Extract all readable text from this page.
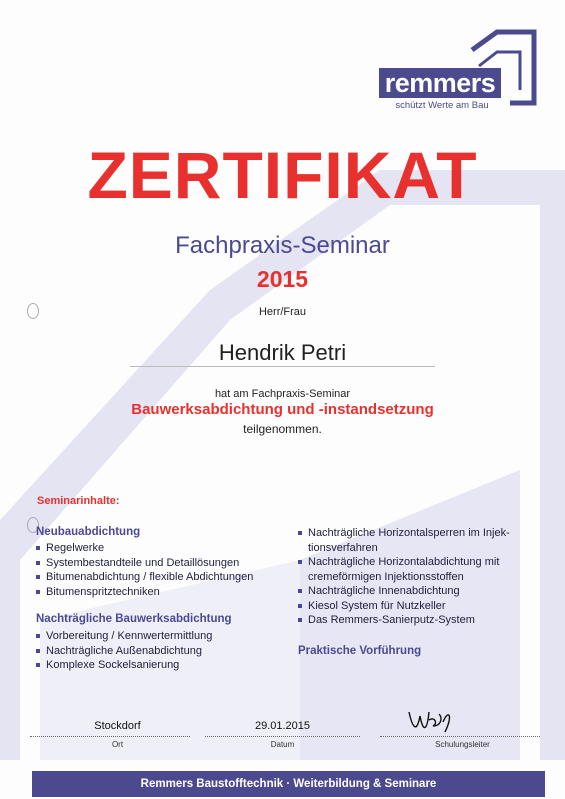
remmers
schützt Werte am Bau
ZERTIFIKAT
Fachpraxis-Seminar
2015
Herr/Frau
Hendrik Petri
hat am Fachpraxis-Seminar
Bauwerksabdichtung und -instandsetzung
teilgenommen.
Seminarinhalte:
Neubauabdichtung
Regelwerke
Systembestandteile und Detaillösungen
Bitumenabdichtung / flexible Abdichtungen
Bitumenspritztechniken
Nachträgliche Bauwerksabdichtung
Vorbereitung / Kennwertermittlung
Nachträgliche Außenabdichtung
Komplexe Sockelsanierung
Nachträgliche Horizontalsperren im Injek-
tionsverfahren
Nachträgliche Horizontalabdichtung mit
cremeförmigen Injektionsstoffen
Nachträgliche Innenabdichtung
Kiesol System für Nutzkeller
Das Remmers-Sanierputz-System
Praktische Vorführung
Stockdorf
Ort
29.01.2015
Datum	Schulungsleiter
Remmers Baustofftechnik · Weiterbildung & Seminare
